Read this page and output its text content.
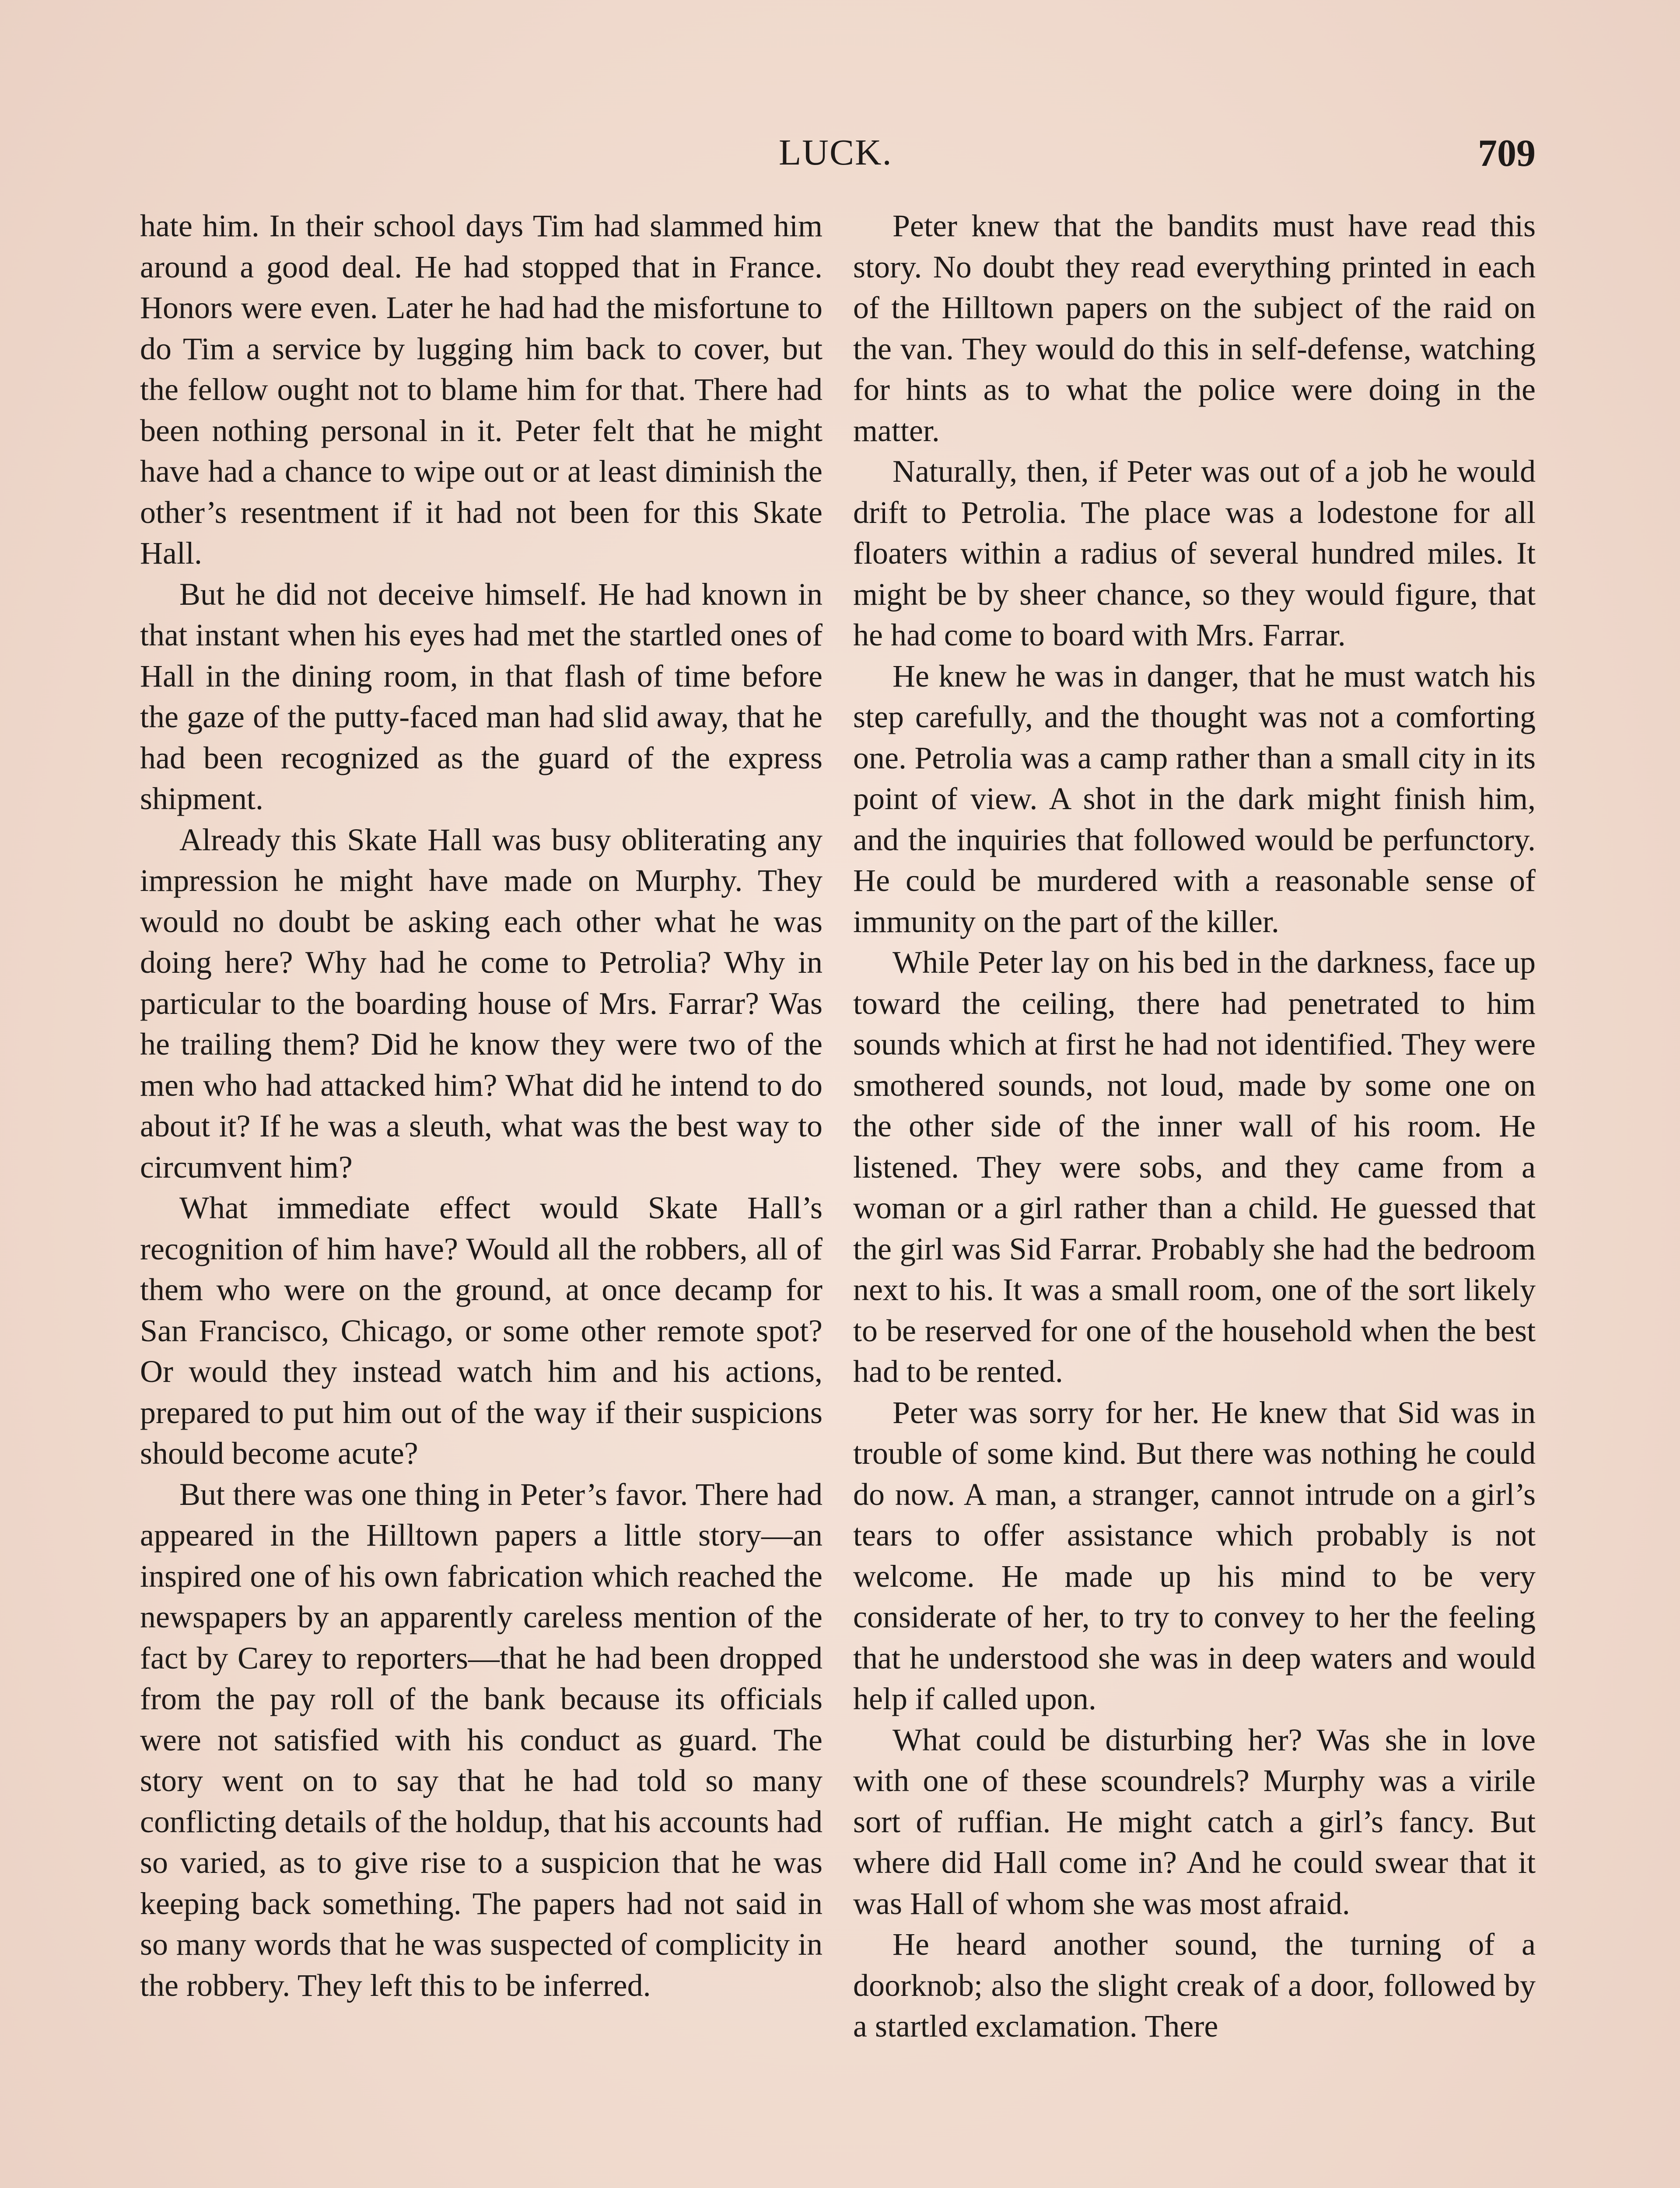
LUCK.	709

hate him. In their school days Tim had slammed him around a good deal. He had stopped that in France. Honors were even. Later he had had the misfortune to do Tim a service by lugging him back to cover, but the fellow ought not to blame him for that. There had been nothing personal in it. Peter felt that he might have had a chance to wipe out or at least diminish the other’s resentment if it had not been for this Skate Hall.

But he did not deceive himself. He had known in that instant when his eyes had met the startled ones of Hall in the dining room, in that flash of time before the gaze of the putty-faced man had slid away, that he had been recognized as the guard of the express shipment.

Already this Skate Hall was busy obliterating any impression he might have made on Murphy. They would no doubt be asking each other what he was doing here? Why had he come to Petrolia? Why in particular to the boarding house of Mrs. Farrar? Was he trailing them? Did he know they were two of the men who had attacked him? What did he intend to do about it? If he was a sleuth, what was the best way to circumvent him?

What immediate effect would Skate Hall’s recognition of him have? Would all the robbers, all of them who were on the ground, at once decamp for San Francisco, Chicago, or some other remote spot? Or would they instead watch him and his actions, prepared to put him out of the way if their suspicions should become acute?

But there was one thing in Peter’s favor. There had appeared in the Hilltown papers a little story—an inspired one of his own fabrication which reached the newspapers by an apparently careless mention of the fact by Carey to reporters—that he had been dropped from the pay roll of the bank because its officials were not satisfied with his conduct as guard. The story went on to say that he had told so many conflicting details of the holdup, that his accounts had so varied, as to give rise to a suspicion that he was keeping back something. The papers had not said in so many words that he was suspected of complicity in the robbery. They left this to be inferred.

Peter knew that the bandits must have read this story. No doubt they read everything printed in each of the Hilltown papers on the subject of the raid on the van. They would do this in self-defense, watching for hints as to what the police were doing in the matter.

Naturally, then, if Peter was out of a job he would drift to Petrolia. The place was a lodestone for all floaters within a radius of several hundred miles. It might be by sheer chance, so they would figure, that he had come to board with Mrs. Farrar.

He knew he was in danger, that he must watch his step carefully, and the thought was not a comforting one. Petrolia was a camp rather than a small city in its point of view. A shot in the dark might finish him, and the inquiries that followed would be perfunctory. He could be murdered with a reasonable sense of immunity on the part of the killer.

While Peter lay on his bed in the darkness, face up toward the ceiling, there had penetrated to him sounds which at first he had not identified. They were smothered sounds, not loud, made by some one on the other side of the inner wall of his room. He listened. They were sobs, and they came from a woman or a girl rather than a child. He guessed that the girl was Sid Farrar. Probably she had the bedroom next to his. It was a small room, one of the sort likely to be reserved for one of the household when the best had to be rented.

Peter was sorry for her. He knew that Sid was in trouble of some kind. But there was nothing he could do now. A man, a stranger, cannot intrude on a girl’s tears to offer assistance which probably is not welcome. He made up his mind to be very considerate of her, to try to convey to her the feeling that he understood she was in deep waters and would help if called upon.

What could be disturbing her? Was she in love with one of these scoundrels? Murphy was a virile sort of ruffian. He might catch a girl’s fancy. But where did Hall come in? And he could swear that it was Hall of whom she was most afraid.

He heard another sound, the turning of a doorknob; also the slight creak of a door, followed by a startled exclamation. There
